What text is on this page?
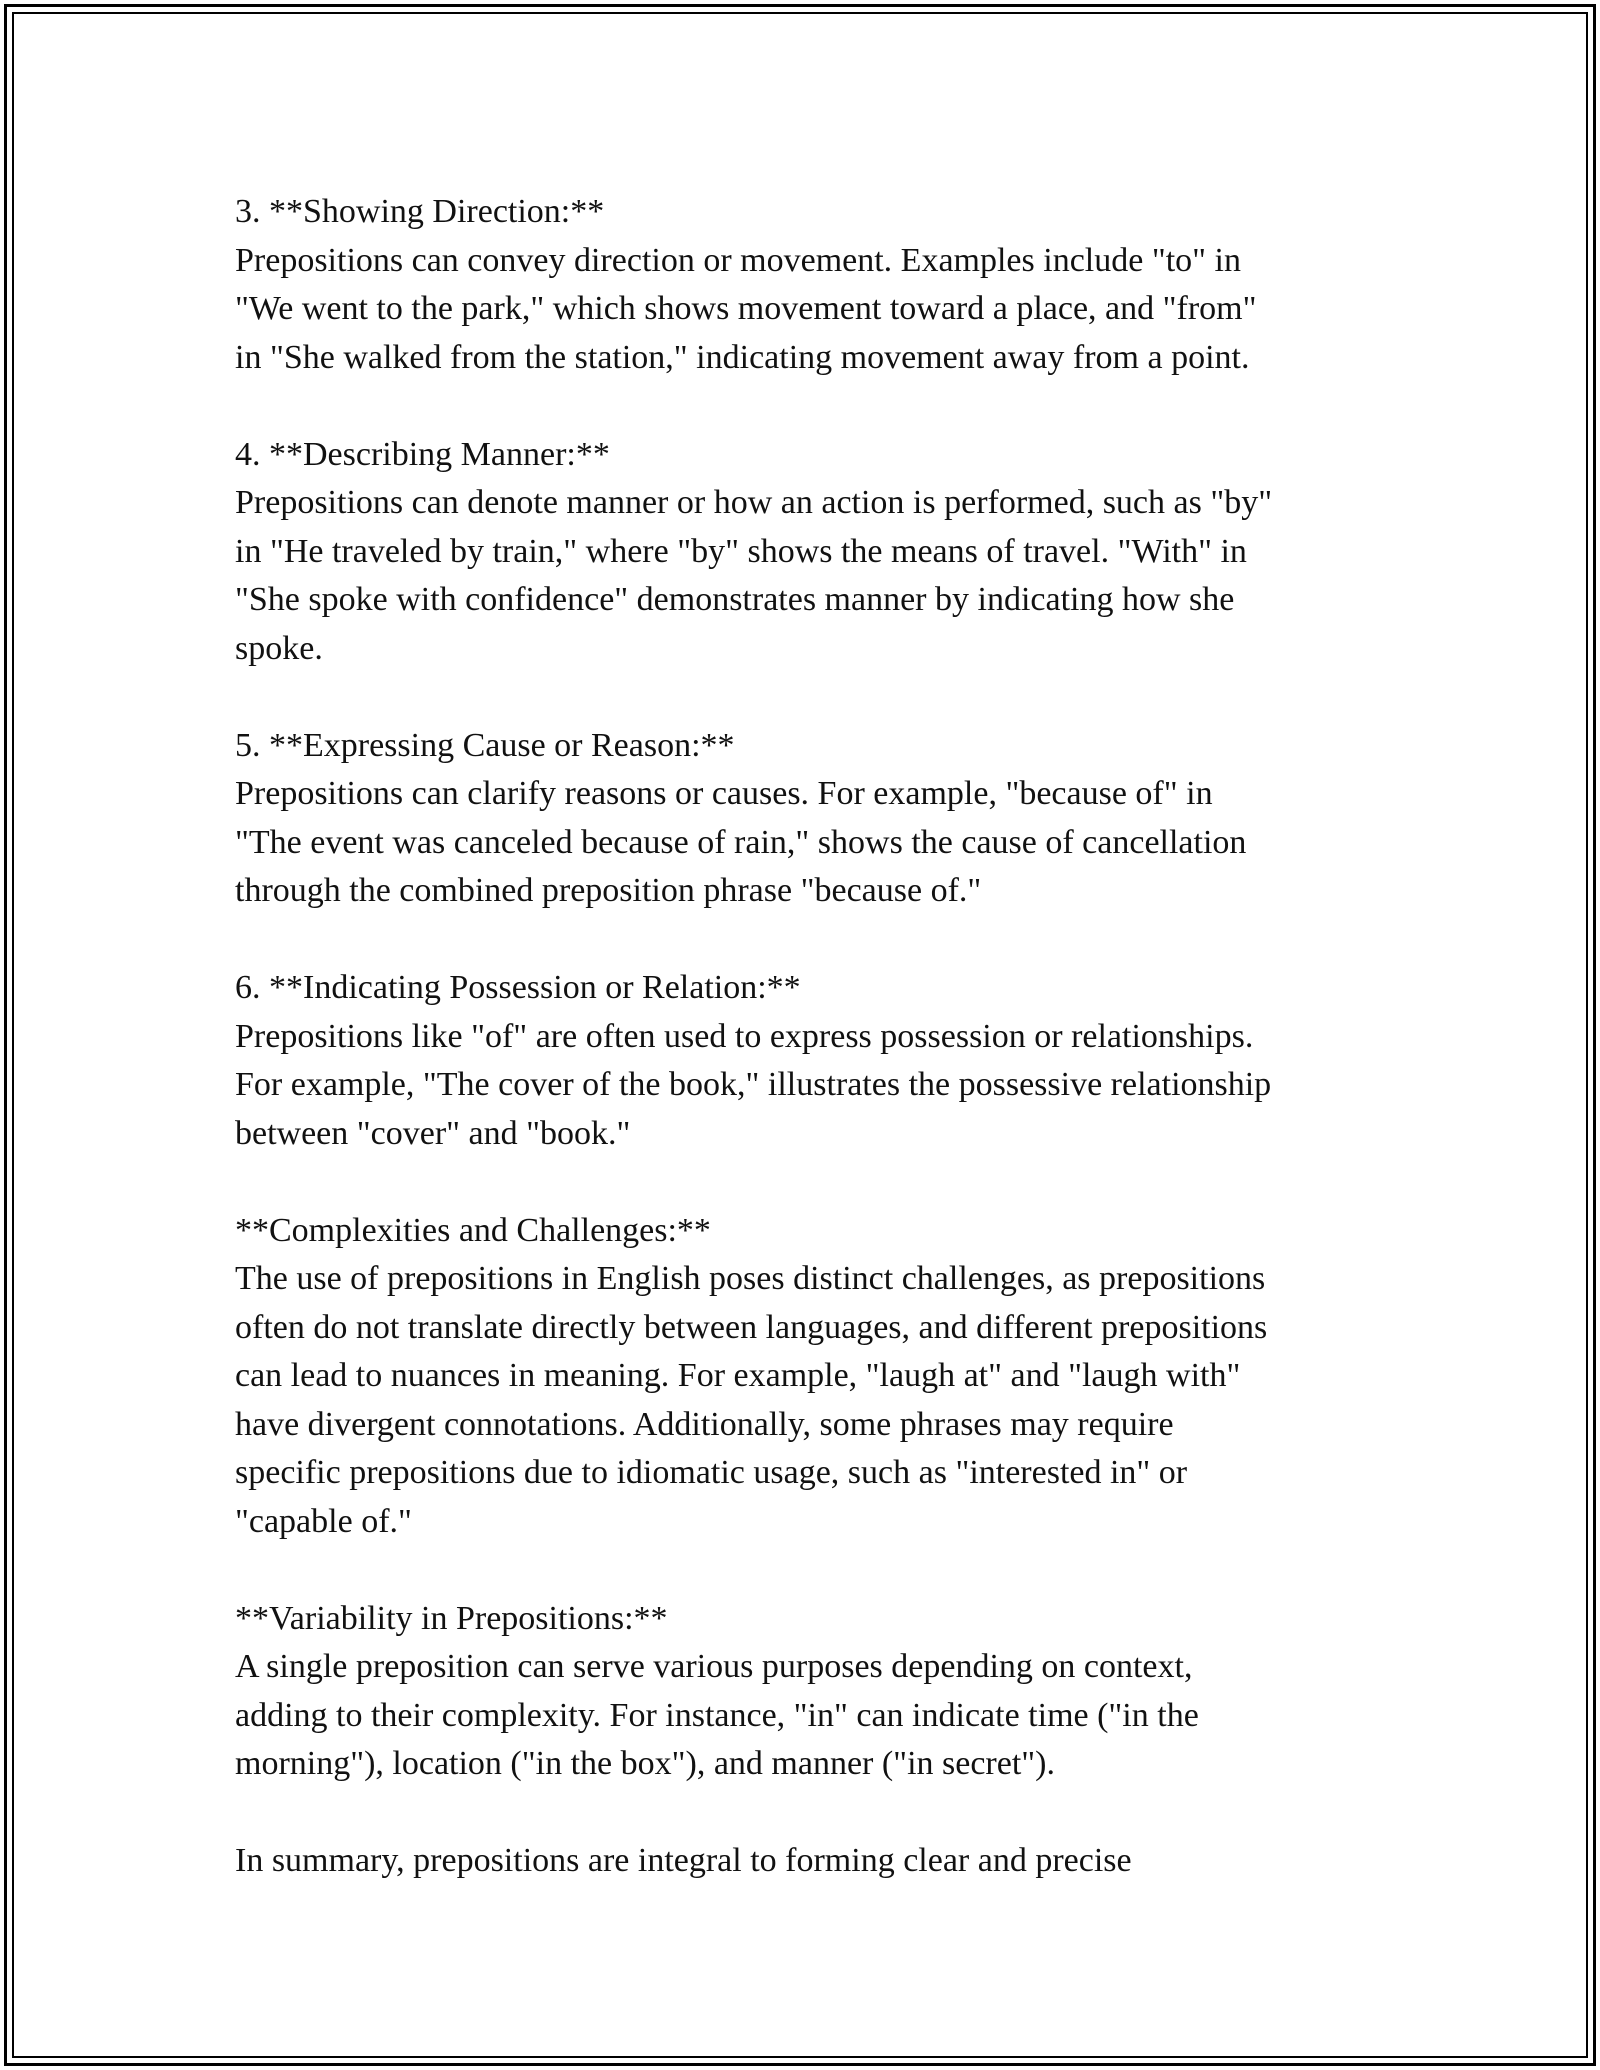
3. **Showing Direction:**
Prepositions can convey direction or movement. Examples include "to" in
"We went to the park," which shows movement toward a place, and "from"
in "She walked from the station," indicating movement away from a point.
4. **Describing Manner:**
Prepositions can denote manner or how an action is performed, such as "by"
in "He traveled by train," where "by" shows the means of travel. "With" in
"She spoke with confidence" demonstrates manner by indicating how she
spoke.
5. **Expressing Cause or Reason:**
Prepositions can clarify reasons or causes. For example, "because of" in
"The event was canceled because of rain," shows the cause of cancellation
through the combined preposition phrase "because of."
6. **Indicating Possession or Relation:**
Prepositions like "of" are often used to express possession or relationships.
For example, "The cover of the book," illustrates the possessive relationship
between "cover" and "book."
**Complexities and Challenges:**
The use of prepositions in English poses distinct challenges, as prepositions
often do not translate directly between languages, and different prepositions
can lead to nuances in meaning. For example, "laugh at" and "laugh with"
have divergent connotations. Additionally, some phrases may require
specific prepositions due to idiomatic usage, such as "interested in" or
"capable of."
**Variability in Prepositions:**
A single preposition can serve various purposes depending on context,
adding to their complexity. For instance, "in" can indicate time ("in the
morning"), location ("in the box"), and manner ("in secret").
In summary, prepositions are integral to forming clear and precise
